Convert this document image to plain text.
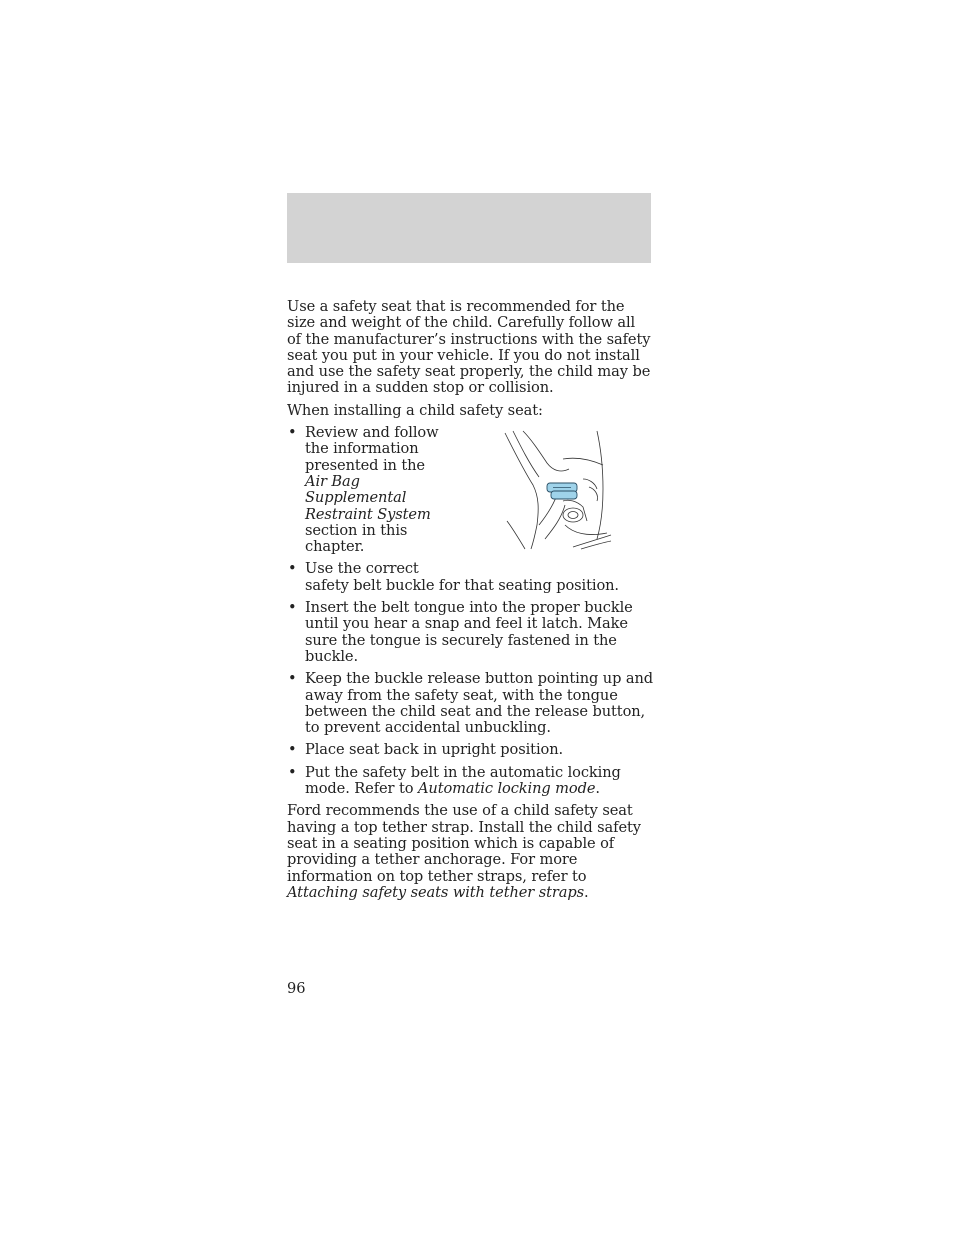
Use a safety seat that is recommended for the size and weight of the child. Carefully follow all of the manufacturer’s instructions with the safety seat you put in your vehicle. If you do not install and use the safety seat properly, the child may be injured in a sudden stop or collision.

When installing a child safety seat:

• Review and follow the information presented in the Air Bag Supplemental Restraint System section in this chapter.
• Use the correct
safety belt buckle for that seating position.
• Insert the belt tongue into the proper buckle until you hear a snap and feel it latch. Make sure the tongue is securely fastened in the buckle.
• Keep the buckle release button pointing up and away from the safety seat, with the tongue between the child seat and the release button, to prevent accidental unbuckling.
• Place seat back in upright position.
• Put the safety belt in the automatic locking mode. Refer to Automatic locking mode.

Ford recommends the use of a child safety seat having a top tether strap. Install the child safety seat in a seating position which is capable of providing a tether anchorage. For more information on top tether straps, refer to Attaching safety seats with tether straps.

96
